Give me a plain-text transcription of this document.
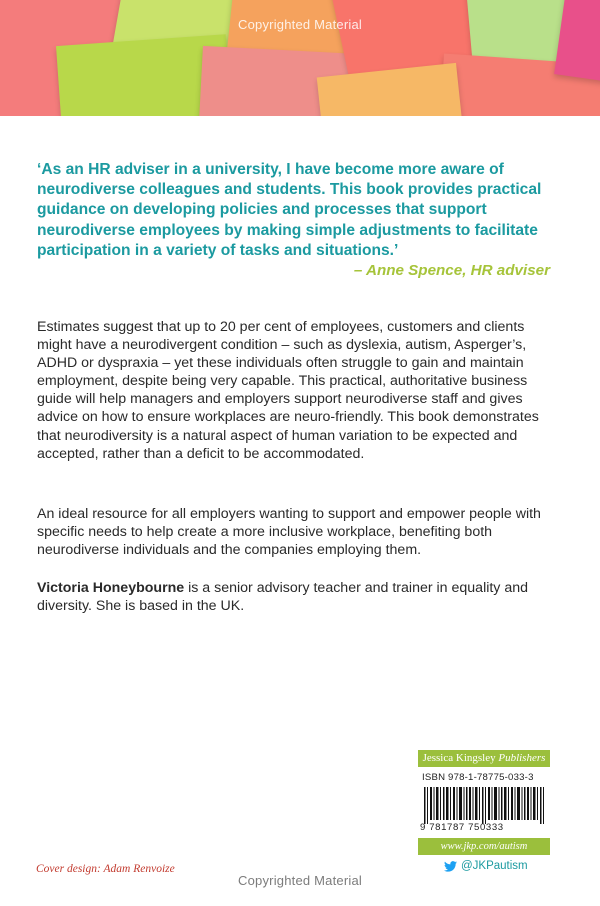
Copyrighted Material

‘As an HR adviser in a university, I have become more aware of neurodiverse colleagues and students. This book provides practical guidance on developing policies and processes that support neurodiverse employees by making simple adjustments to facilitate participation in a variety of tasks and situations.’

– Anne Spence, HR adviser

Estimates suggest that up to 20 per cent of employees, customers and clients might have a neurodivergent condition – such as dyslexia, autism, Asperger’s, ADHD or dyspraxia – yet these individuals often struggle to gain and maintain employment, despite being very capable. This practical, authoritative business guide will help managers and employers support neurodiverse staff and gives advice on how to ensure workplaces are neuro-friendly. This book demonstrates that neurodiversity is a natural aspect of human variation to be expected and accepted, rather than a deficit to be accommodated.

An ideal resource for all employers wanting to support and empower people with specific needs to help create a more inclusive workplace, benefiting both neurodiverse individuals and the companies employing them.

Victoria Honeybourne is a senior advisory teacher and trainer in equality and diversity. She is based in the UK.

Jessica Kingsley Publishers
ISBN 978-1-78775-033-3
9 781787 750333
www.jkp.com/autism
Cover design: Adam Renvoize	@JKPautism
Copyrighted Material
